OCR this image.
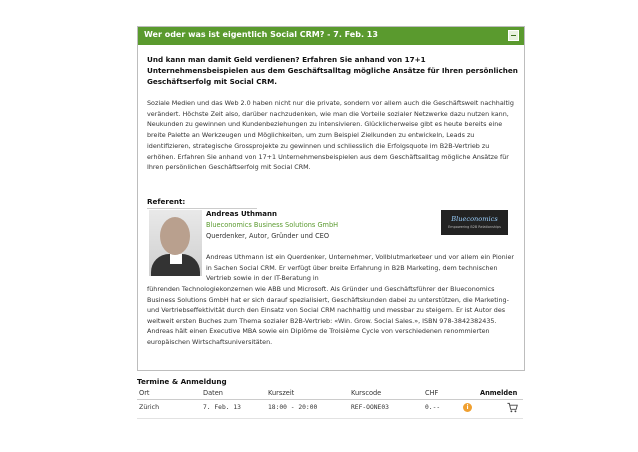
Wer oder was ist eigentlich Social CRM? - 7. Feb. 13
Und kann man damit Geld verdienen? Erfahren Sie anhand von 17+1 Unternehmensbeispielen aus dem Geschäftsalltag mögliche Ansätze für Ihren persönlichen Geschäftserfolg mit Social CRM.
Soziale Medien und das Web 2.0 haben nicht nur die private, sondern vor allem auch die Geschäftswelt nachhaltig verändert. Höchste Zeit also, darüber nachzudenken, wie man die Vorteile sozialer Netzwerke dazu nutzen kann, Neukunden zu gewinnen und Kundenbeziehungen zu intensivieren. Glücklicherweise gibt es heute bereits eine breite Palette an Werkzeugen und Möglichkeiten, um zum Beispiel Zielkunden zu entwickeln, Leads zu identifizieren, strategische Grossprojekte zu gewinnen und schliesslich die Erfolgsquote im B2B-Vertrieb zu erhöhen. Erfahren Sie anhand von 17+1 Unternehmensbeispielen aus dem Geschäftsalltag mögliche Ansätze für Ihren persönlichen Geschäftserfolg mit Social CRM.
Referent:
Andreas Uthmann
Blueconomics Business Solutions GmbH
Querdenker, Autor, Gründer und CEO
Blueconomics
Empowering B2B Relationships
Andreas Uthmann ist ein Querdenker, Unternehmer, Vollblutmarketeer und vor allem ein Pionier in Sachen Social CRM. Er verfügt über breite Erfahrung in B2B Marketing, dem technischen Vertrieb sowie in der IT-Beratung in
führenden Technologiekonzernen wie ABB und Microsoft. Als Gründer und Geschäftsführer der Blueconomics Business Solutions GmbH hat er sich darauf spezialisiert, Geschäftskunden dabei zu unterstützen, die Marketing- und Vertriebseffektivität durch den Einsatz von Social CRM nachhaltig und messbar zu steigern. Er ist Autor des weltweit ersten Buches zum Thema sozialer B2B-Vertrieb: «Win. Grow. Social Sales.», ISBN 978-3842382435. Andreas hält einen Executive MBA sowie ein Diplôme de Troisième Cycle von verschiedenen renommierten europäischen Wirtschaftsuniversitäten.
Termine & Anmeldung
Ort	Daten	Kurszeit	Kurscode	CHF	Anmelden
Zürich	7. Feb. 13	18:00 - 20:00	REF-OONE03	0.--	i
